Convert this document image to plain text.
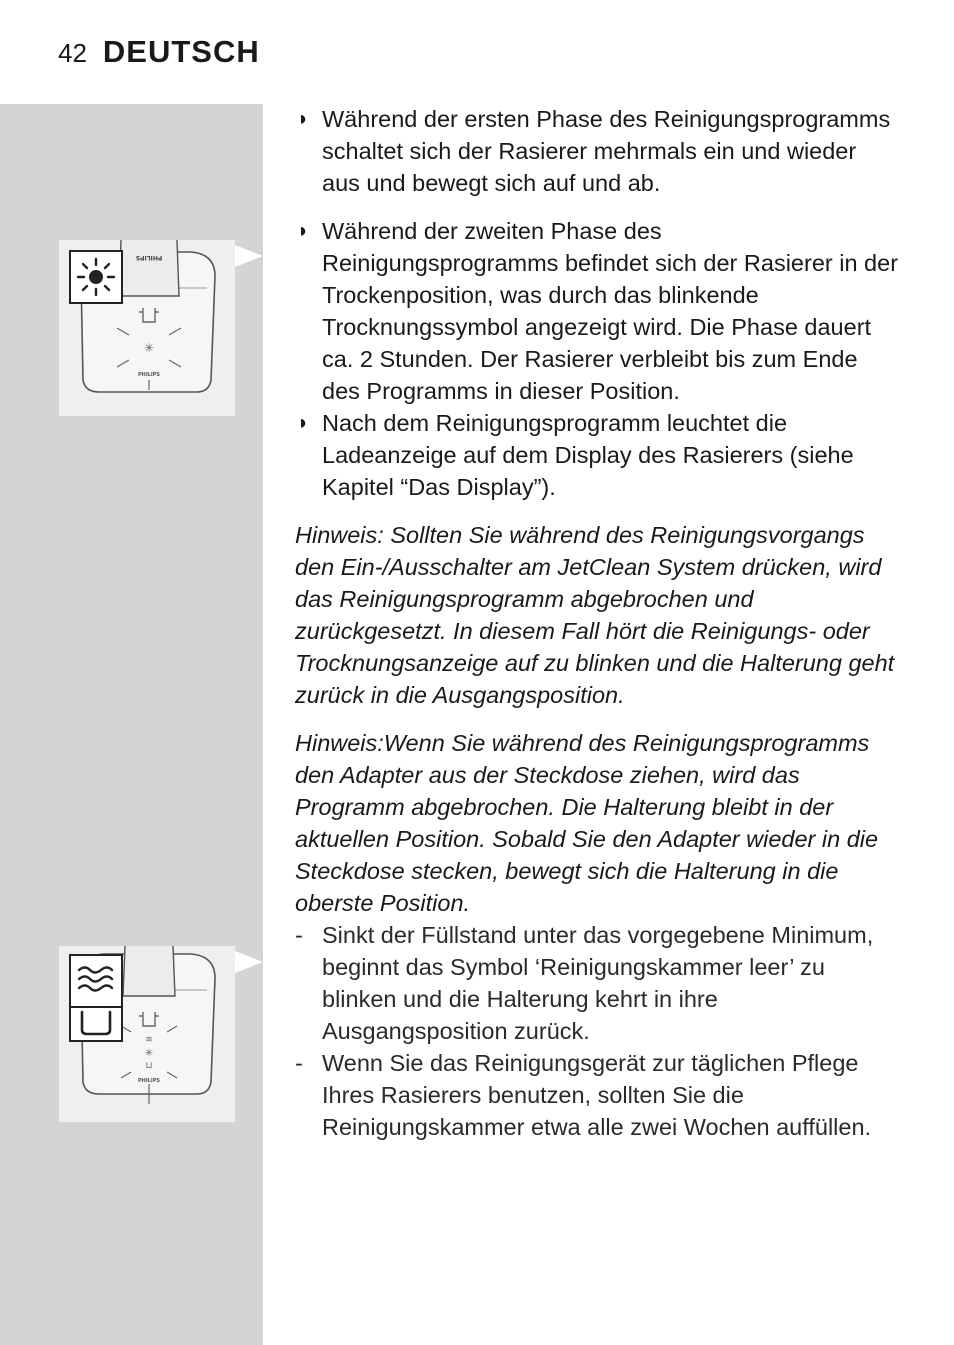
42 DEUTSCH
PHILIPS
✳
PHILIPS
≋
✳
⊔
PHILIPS

◗ Während der ersten Phase des Reinigungsprogramms schaltet sich der Rasierer mehrmals ein und wieder aus und bewegt sich auf und ab.

◗ Während der zweiten Phase des Reinigungsprogramms befindet sich der Rasierer in der Trockenposition, was durch das blinkende Trocknungssymbol angezeigt wird. Die Phase dauert ca. 2 Stunden. Der Rasierer verbleibt bis zum Ende des Programms in dieser Position.

◗ Nach dem Reinigungsprogramm leuchtet die Ladeanzeige auf dem Display des Rasierers (siehe Kapitel “Das Display”).

Hinweis: Sollten Sie während des Reinigungsvorgangs den Ein-/Ausschalter am JetClean System drücken, wird das Reinigungsprogramm abgebrochen und zurückgesetzt. In diesem Fall hört die Reinigungs- oder Trocknungsanzeige auf zu blinken und die Halterung geht zurück in die Ausgangsposition.

Hinweis:Wenn Sie während des Reinigungsprogramms den Adapter aus der Steckdose ziehen, wird das Programm abgebrochen. Die Halterung bleibt in der aktuellen Position. Sobald Sie den Adapter wieder in die Steckdose stecken, bewegt sich die Halterung in die oberste Position.

- Sinkt der Füllstand unter das vorgegebene Minimum, beginnt das Symbol ‘Reinigungskammer leer’ zu blinken und die Halterung kehrt in ihre Ausgangsposition zurück.

- Wenn Sie das Reinigungsgerät zur täglichen Pflege Ihres Rasierers benutzen, sollten Sie die Reinigungskammer etwa alle zwei Wochen auffüllen.
